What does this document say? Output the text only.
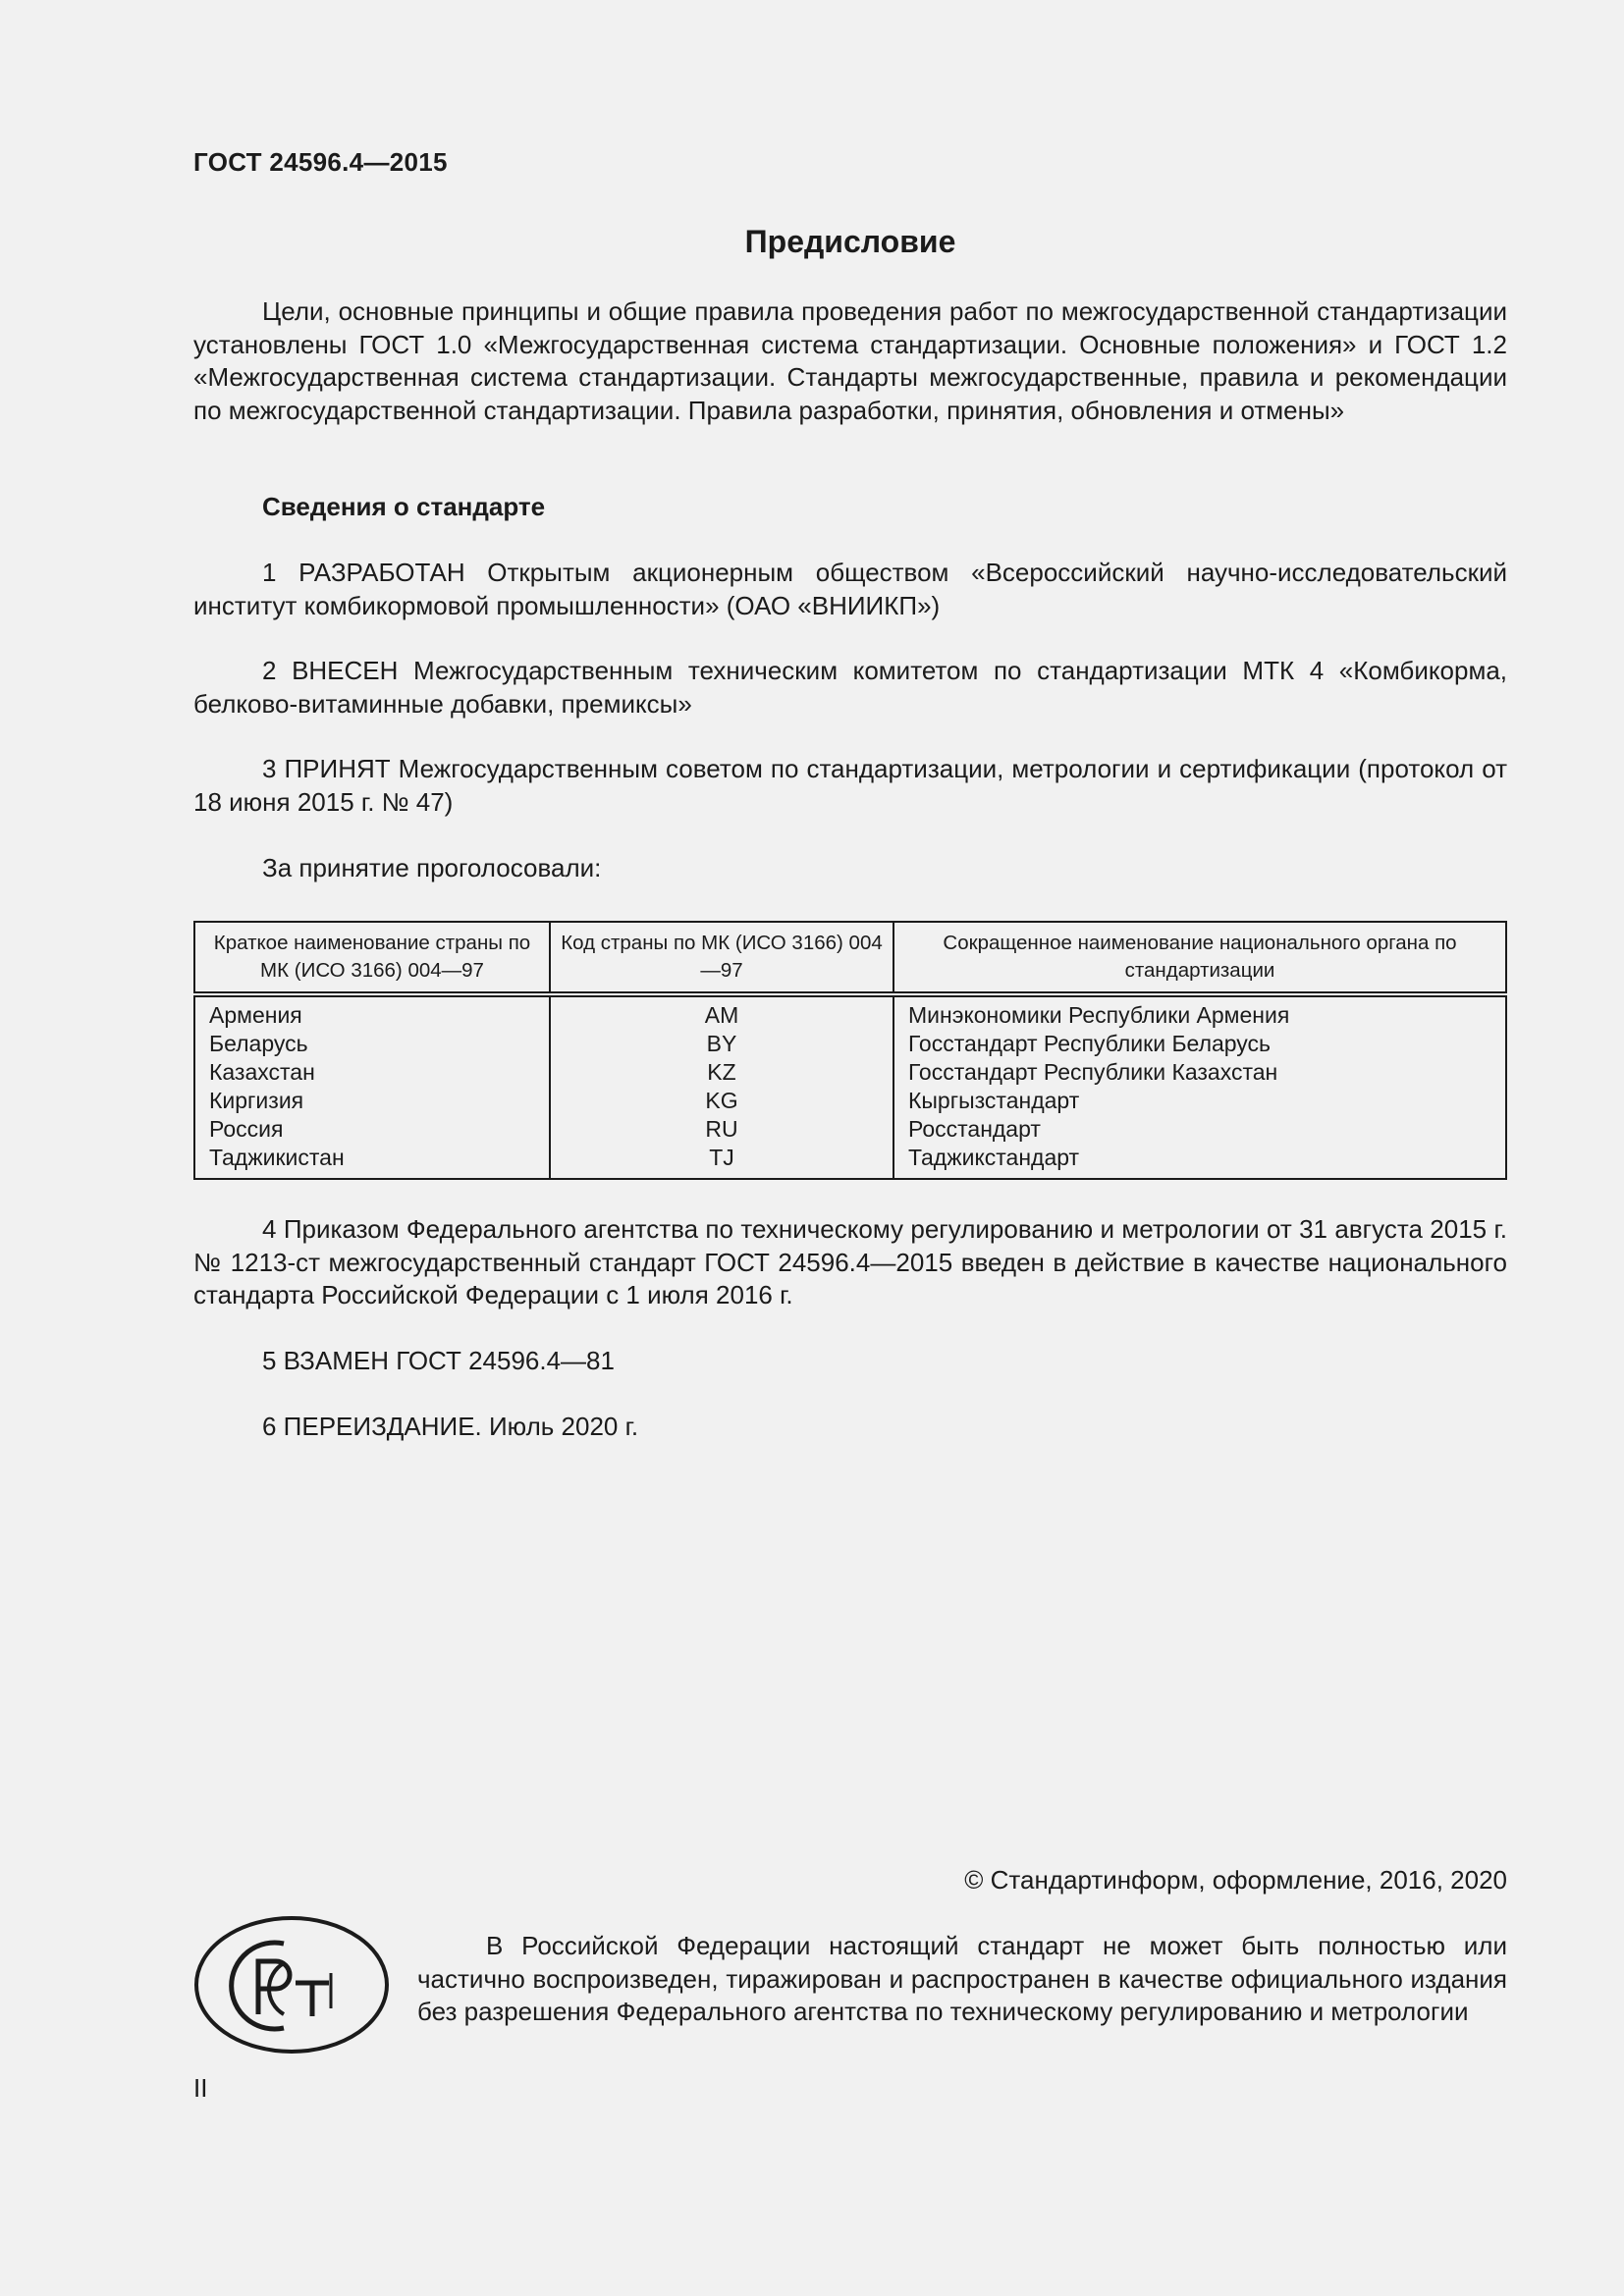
ГОСТ 24596.4—2015
Предисловие

Цели, основные принципы и общие правила проведения работ по межгосударственной стандартизации установлены ГОСТ 1.0 «Межгосударственная система стандартизации. Основные положения» и ГОСТ 1.2 «Межгосударственная система стандартизации. Стандарты межгосударственные, правила и рекомендации по межгосударственной стандартизации. Правила разработки, принятия, обновления и отмены»

Сведения о стандарте

1 РАЗРАБОТАН Открытым акционерным обществом «Всероссийский научно-исследовательский институт комбикормовой промышленности» (ОАО «ВНИИКП»)

2 ВНЕСЕН Межгосударственным техническим комитетом по стандартизации МТК 4 «Комбикорма, белково-витаминные добавки, премиксы»

3 ПРИНЯТ Межгосударственным советом по стандартизации, метрологии и сертификации (протокол от 18 июня 2015 г. № 47)

За принятие проголосовали:

Краткое наименование страны по МК (ИСО 3166) 004—97	Код страны по МК (ИСО 3166) 004—97	Сокращенное наименование национального органа по стандартизации
Армения	AM	Минэкономики Республики Армения
Беларусь	BY	Госстандарт Республики Беларусь
Казахстан	KZ	Госстандарт Республики Казахстан
Киргизия	KG	Кыргызстандарт
Россия	RU	Росстандарт
Таджикистан	TJ	Таджикстандарт

4 Приказом Федерального агентства по техническому регулированию и метрологии от 31 августа 2015 г. № 1213-ст межгосударственный стандарт ГОСТ 24596.4—2015 введен в действие в качестве национального стандарта Российской Федерации с 1 июля 2016 г.

5 ВЗАМЕН ГОСТ 24596.4—81

6 ПЕРЕИЗДАНИЕ. Июль 2020 г.

© Стандартинформ, оформление, 2016, 2020

В Российской Федерации настоящий стандарт не может быть полностью или частично воспроизведен, тиражирован и распространен в качестве официального издания без разрешения Федерального агентства по техническому регулированию и метрологии

II
